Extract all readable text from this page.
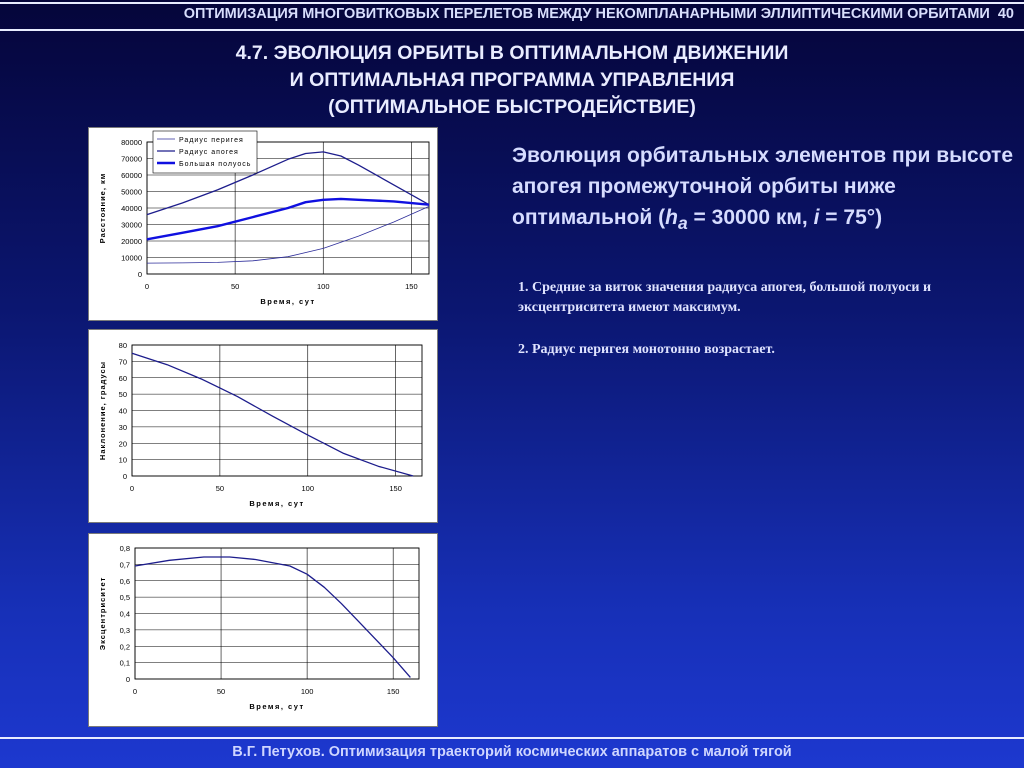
ОПТИМИЗАЦИЯ МНОГОВИТКОВЫХ ПЕРЕЛЕТОВ МЕЖДУ НЕКОМПЛАНАРНЫМИ ЭЛЛИПТИЧЕСКИМИ ОРБИТАМИ 40
4.7. ЭВОЛЮЦИЯ ОРБИТЫ В ОПТИМАЛЬНОМ ДВИЖЕНИИ
И ОПТИМАЛЬНАЯ ПРОГРАММА УПРАВЛЕНИЯ
(ОПТИМАЛЬНОЕ БЫСТРОДЕЙСТВИЕ)
0
10000
20000
30000
40000
50000
60000
70000
80000
0	50	100	150
Время, сут
Расстояние, км
Радиус перигея
Радиус апогея
Большая полуось
0
10
20
30
40
50
60
70
80
0	50	100	150
Время, сут
Наклонение, градусы
0
0,1
0,2
0,3
0,4
0,5
0,6
0,7
0,8
0	50	100	150
Время, сут
Эксцентриситет
Эволюция орбитальных элементов при высоте апогея промежуточной орбиты ниже оптимальной ($h_a = 30000$ км, i = 75°)
1. Средние за виток значения радиуса апогея, большой полуоси и эксцентриситета имеют максимум.
2. Радиус перигея монотонно возрастает.
В.Г. Петухов. Оптимизация траекторий космических аппаратов с малой тягой
